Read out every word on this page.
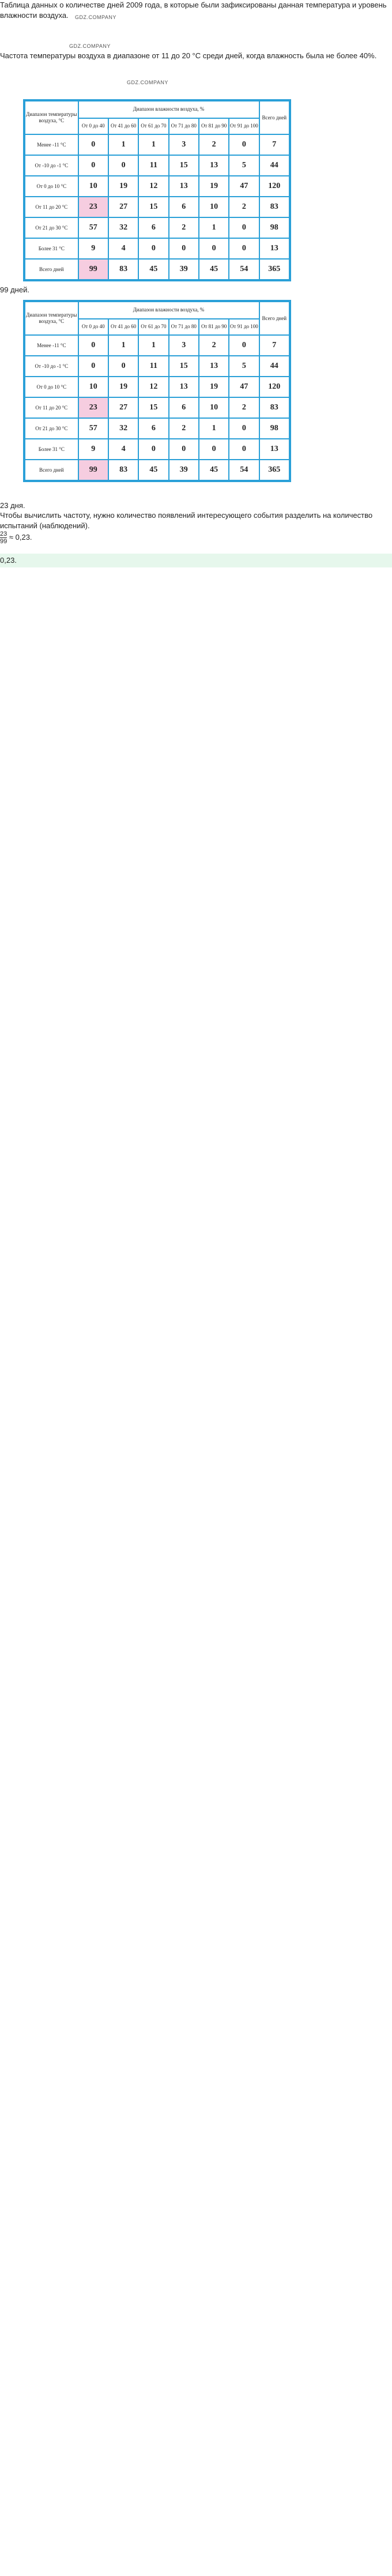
Таблица данных о количестве дней 2009 года, в которые были зафиксированы данная температура и уровень влажности воздуха.
Частота температуры воздуха в диапазоне от 11 до 20 °C среди дней, когда влажность была не более 40%.
GDZ.COMPANY
GDZ.COMPANY
GDZ.COMPANY
Диапазон температуры воздуха, °C	Диапазон влажности воздуха, %						Всего дней
	От 0 до 40	От 41 до 60	От 61 до 70	От 71 до 80	От 81 до 90	От 91 до 100	
Менее -11 °C	0	1	1	3	2	0	7
От -10 до -1 °C	0	0	11	15	13	5	44
От 0 до 10 °C	10	19	12	13	19	47	120
От 11 до 20 °C	23	27	15	6	10	2	83
От 21 до 30 °C	57	32	6	2	1	0	98
Более 31 °C	9	4	0	0	0	0	13
Всего дней	99	83	45	39	45	54	365
99 дней.
Диапазон температуры воздуха, °C	Диапазон влажности воздуха, %						Всего дней
	От 0 до 40	От 41 до 60	От 61 до 70	От 71 до 80	От 81 до 90	От 91 до 100	
Менее -11 °C	0	1	1	3	2	0	7
От -10 до -1 °C	0	0	11	15	13	5	44
От 0 до 10 °C	10	19	12	13	19	47	120
От 11 до 20 °C	23	27	15	6	10	2	83
От 21 до 30 °C	57	32	6	2	1	0	98
Более 31 °C	9	4	0	0	0	0	13
Всего дней	99	83	45	39	45	54	365
23 дня.
Чтобы вычислить частоту, нужно количество появлений интересующего события разделить на количество испытаний (наблюдений).
$\frac{23}{99} \approx 0,23$.
0,23.
